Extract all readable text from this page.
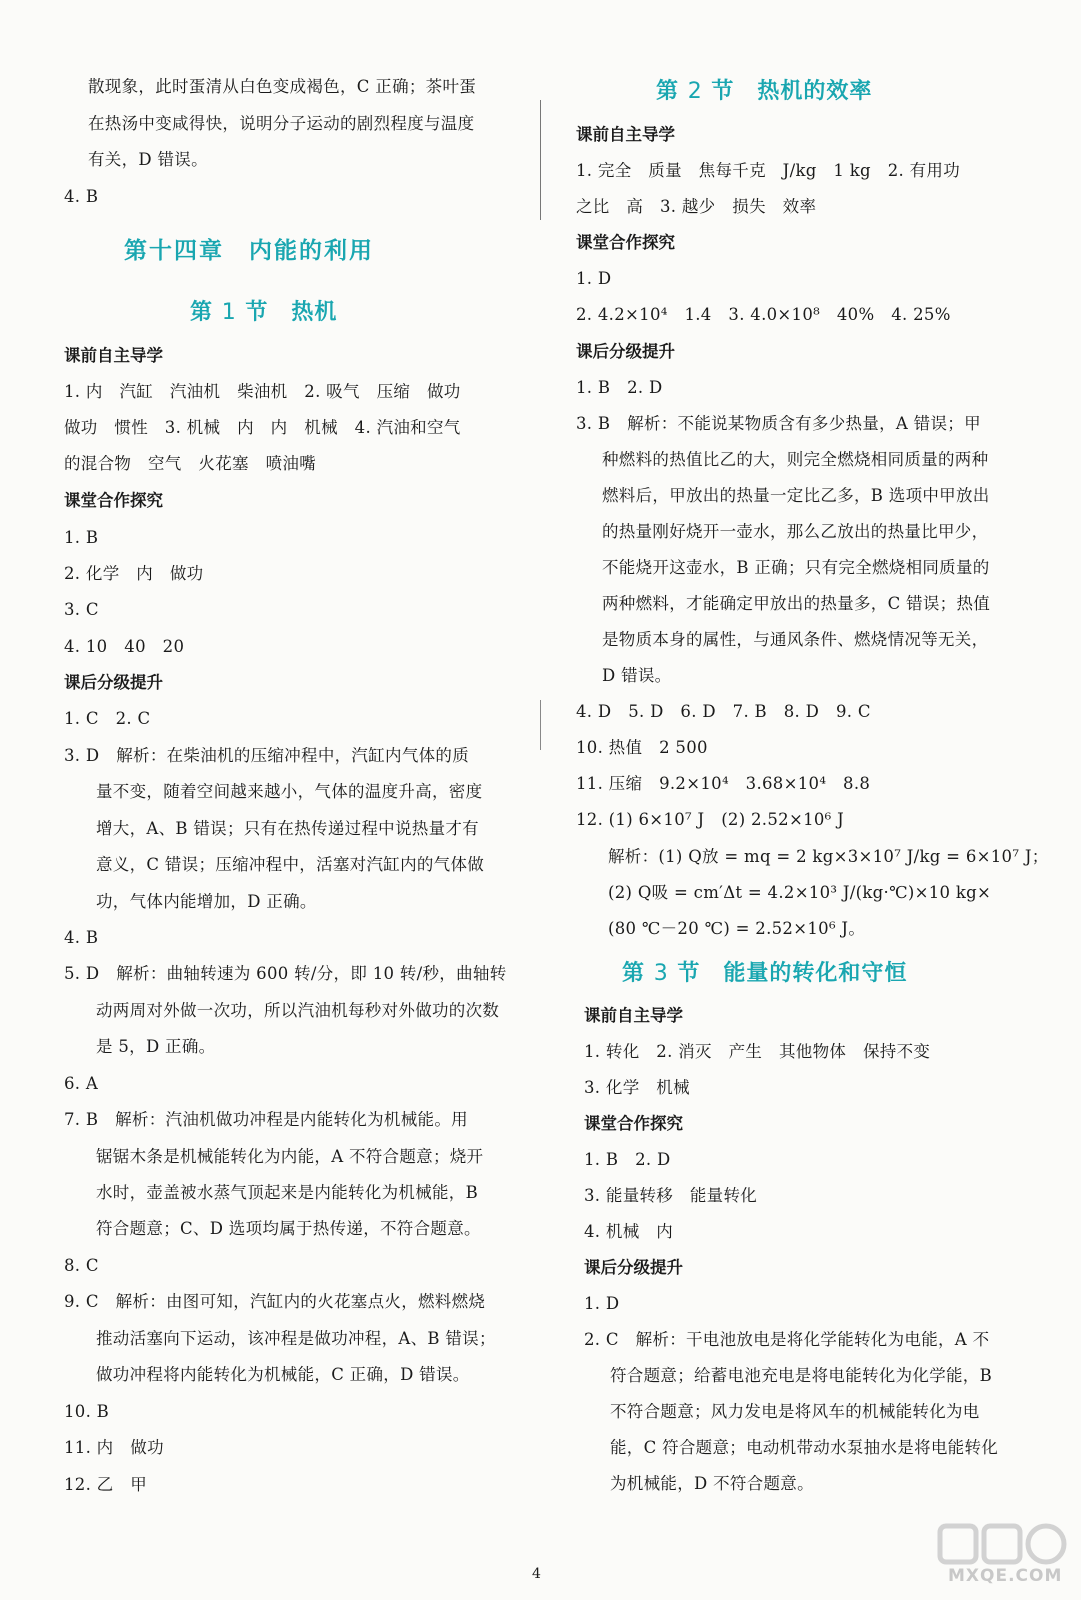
散现象，此时蛋清从白色变成褐色，C 正确；茶叶蛋
在热汤中变咸得快，说明分子运动的剧烈程度与温度
有关，D 错误。
4. B
第十四章　内能的利用
第 1 节　热机
课前自主导学
1. 内　汽缸　汽油机　柴油机　2. 吸气　压缩　做功
做功　惯性　3. 机械　内　内　机械　4. 汽油和空气
的混合物　空气　火花塞　喷油嘴
课堂合作探究
1. B
2. 化学　内　做功
3. C
4. 10　40　20
课后分级提升
1. C　2. C
3. D　解析：在柴油机的压缩冲程中，汽缸内气体的质
量不变，随着空间越来越小，气体的温度升高，密度
增大，A、B 错误；只有在热传递过程中说热量才有
意义，C 错误；压缩冲程中，活塞对汽缸内的气体做
功，气体内能增加，D 正确。
4. B
5. D　解析：曲轴转速为 600 转/分，即 10 转/秒，曲轴转
动两周对外做一次功，所以汽油机每秒对外做功的次数
是 5，D 正确。
6. A
7. B　解析：汽油机做功冲程是内能转化为机械能。用
锯锯木条是机械能转化为内能，A 不符合题意；烧开
水时，壶盖被水蒸气顶起来是内能转化为机械能，B
符合题意；C、D 选项均属于热传递，不符合题意。
8. C
9. C　解析：由图可知，汽缸内的火花塞点火，燃料燃烧
推动活塞向下运动，该冲程是做功冲程，A、B 错误；
做功冲程将内能转化为机械能，C 正确，D 错误。
10. B
11. 内　做功
12. 乙　甲
第 2 节　热机的效率
课前自主导学
1. 完全　质量　焦每千克　J/kg　1 kg　2. 有用功
之比　高　3. 越少　损失　效率
课堂合作探究
1. D
2. 4.2×10⁴　1.4　3. 4.0×10⁸　40%　4. 25%
课后分级提升
1. B　2. D
3. B　解析：不能说某物质含有多少热量，A 错误；甲
种燃料的热值比乙的大，则完全燃烧相同质量的两种
燃料后，甲放出的热量一定比乙多，B 选项中甲放出
的热量刚好烧开一壶水，那么乙放出的热量比甲少，
不能烧开这壶水，B 正确；只有完全燃烧相同质量的
两种燃料，才能确定甲放出的热量多，C 错误；热值
是物质本身的属性，与通风条件、燃烧情况等无关，
D 错误。
4. D　5. D　6. D　7. B　8. D　9. C
10. 热值　2 500
11. 压缩　9.2×10⁴　3.68×10⁴　8.8
12. (1) 6×10⁷ J　(2) 2.52×10⁶ J
解析：(1) Q放 = mq = 2 kg×3×10⁷ J/kg = 6×10⁷ J；
(2) Q吸 = cm′Δt = 4.2×10³ J/(kg·℃)×10 kg×
(80 ℃－20 ℃) = 2.52×10⁶ J。
第 3 节　能量的转化和守恒
课前自主导学
1. 转化　2. 消灭　产生　其他物体　保持不变
3. 化学　机械
课堂合作探究
1. B　2. D
3. 能量转移　能量转化
4. 机械　内
课后分级提升
1. D
2. C　解析：干电池放电是将化学能转化为电能，A 不
符合题意；给蓄电池充电是将电能转化为化学能，B
不符合题意；风力发电是将风车的机械能转化为电
能，C 符合题意；电动机带动水泵抽水是将电能转化
为机械能，D 不符合题意。
4	MXQE.COM
